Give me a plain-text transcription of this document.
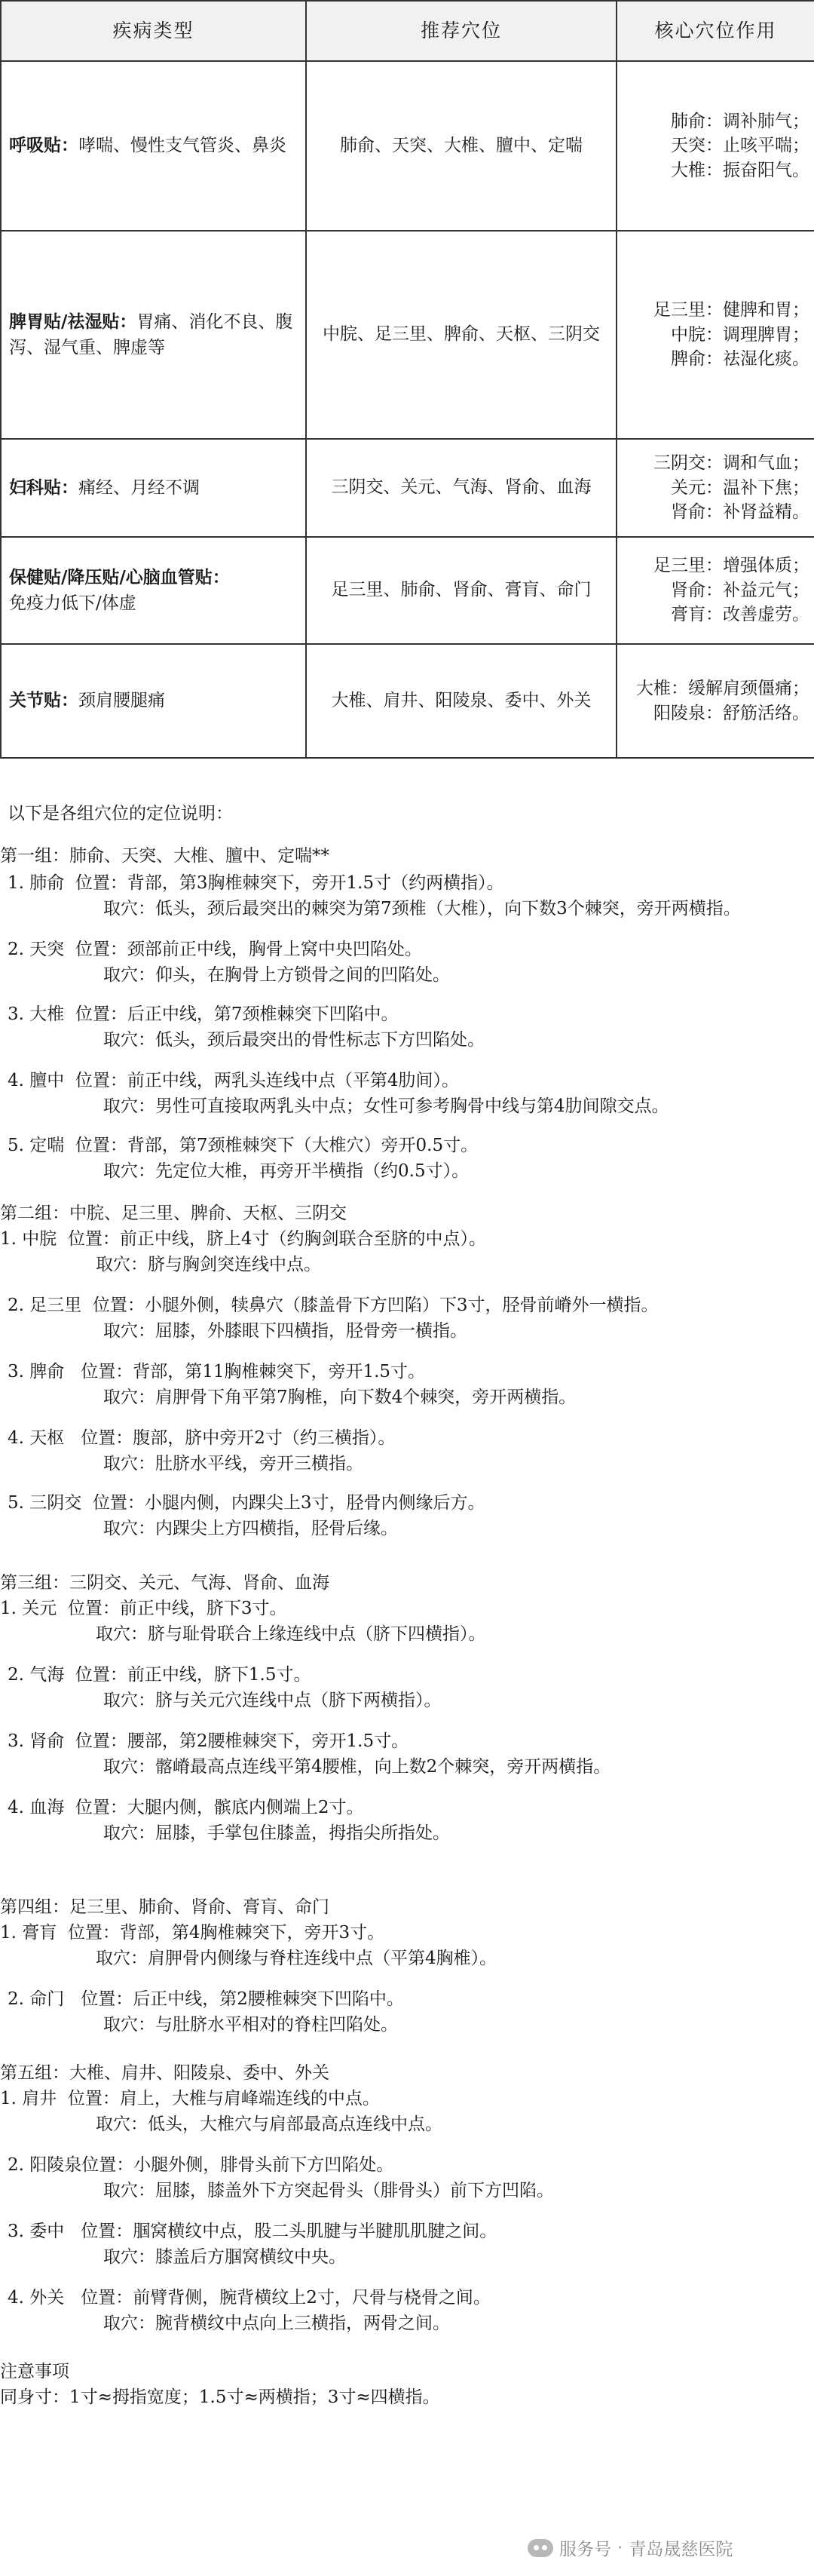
疾病类型	推荐穴位	核心穴位作用
呼吸贴：哮喘、慢性支气管炎、鼻炎	肺俞、天突、大椎、膻中、定喘	肺俞：调补肺气；
天突：止咳平喘；
大椎：振奋阳气。

脾胃贴/祛湿贴：胃痛、消化不良、腹泻、湿气重、脾虚等	中脘、足三里、脾俞、天枢、三阴交	足三里：健脾和胃；
中脘：调理脾胃；
脾俞：祛湿化痰。

妇科贴：痛经、月经不调	三阴交、关元、气海、肾俞、血海	三阴交：调和气血；
关元：温补下焦；
肾俞：补肾益精。

保健贴/降压贴/心脑血管贴：
免疫力低下/体虚	足三里、肺俞、肾俞、膏肓、命门	足三里：增强体质；
肾俞：补益元气；
膏肓：改善虚劳。

关节贴：颈肩腰腿痛	大椎、肩井、阳陵泉、委中、外关	大椎：缓解肩颈僵痛；
阳陵泉：舒筋活络。
以下是各组穴位的定位说明：
第一组：肺俞、天突、大椎、膻中、定喘**
1. 肺俞  位置：背部，第3胸椎棘突下，旁开1.5寸（约两横指）。
取穴：低头，颈后最突出的棘突为第7颈椎（大椎），向下数3个棘突，旁开两横指。
2. 天突  位置：颈部前正中线，胸骨上窝中央凹陷处。
取穴：仰头，在胸骨上方锁骨之间的凹陷处。
3. 大椎  位置：后正中线，第7颈椎棘突下凹陷中。
取穴：低头，颈后最突出的骨性标志下方凹陷处。
4. 膻中  位置：前正中线，两乳头连线中点（平第4肋间）。
取穴：男性可直接取两乳头中点；女性可参考胸骨中线与第4肋间隙交点。
5. 定喘  位置：背部，第7颈椎棘突下（大椎穴）旁开0.5寸。
取穴：先定位大椎，再旁开半横指（约0.5寸）。
第二组：中脘、足三里、脾俞、天枢、三阴交
1. 中脘  位置：前正中线，脐上4寸（约胸剑联合至脐的中点）。
取穴：脐与胸剑突连线中点。
2. 足三里  位置：小腿外侧，犊鼻穴（膝盖骨下方凹陷）下3寸，胫骨前嵴外一横指。
取穴：屈膝，外膝眼下四横指，胫骨旁一横指。
3. 脾俞   位置：背部，第11胸椎棘突下，旁开1.5寸。
取穴：肩胛骨下角平第7胸椎，向下数4个棘突，旁开两横指。
4. 天枢   位置：腹部，脐中旁开2寸（约三横指）。
取穴：肚脐水平线，旁开三横指。
5. 三阴交  位置：小腿内侧，内踝尖上3寸，胫骨内侧缘后方。
取穴：内踝尖上方四横指，胫骨后缘。
第三组：三阴交、关元、气海、肾俞、血海
1. 关元  位置：前正中线，脐下3寸。
取穴：脐与耻骨联合上缘连线中点（脐下四横指）。
2. 气海  位置：前正中线，脐下1.5寸。
取穴：脐与关元穴连线中点（脐下两横指）。
3. 肾俞  位置：腰部，第2腰椎棘突下，旁开1.5寸。
取穴：髂嵴最高点连线平第4腰椎，向上数2个棘突，旁开两横指。
4. 血海  位置：大腿内侧，髌底内侧端上2寸。
取穴：屈膝，手掌包住膝盖，拇指尖所指处。
第四组：足三里、肺俞、肾俞、膏肓、命门
1. 膏肓  位置：背部，第4胸椎棘突下，旁开3寸。
取穴：肩胛骨内侧缘与脊柱连线中点（平第4胸椎）。
2. 命门   位置：后正中线，第2腰椎棘突下凹陷中。
取穴：与肚脐水平相对的脊柱凹陷处。
第五组：大椎、肩井、阳陵泉、委中、外关
1. 肩井  位置：肩上，大椎与肩峰端连线的中点。
取穴：低头，大椎穴与肩部最高点连线中点。
2. 阳陵泉位置：小腿外侧，腓骨头前下方凹陷处。
取穴：屈膝，膝盖外下方突起骨头（腓骨头）前下方凹陷。
3. 委中   位置：腘窝横纹中点，股二头肌腱与半腱肌肌腱之间。
取穴：膝盖后方腘窝横纹中央。
4. 外关   位置：前臂背侧，腕背横纹上2寸，尺骨与桡骨之间。
取穴：腕背横纹中点向上三横指，两骨之间。
注意事项
同身寸：1寸≈拇指宽度；1.5寸≈两横指；3寸≈四横指。
服务号 · 青岛晟慈医院
